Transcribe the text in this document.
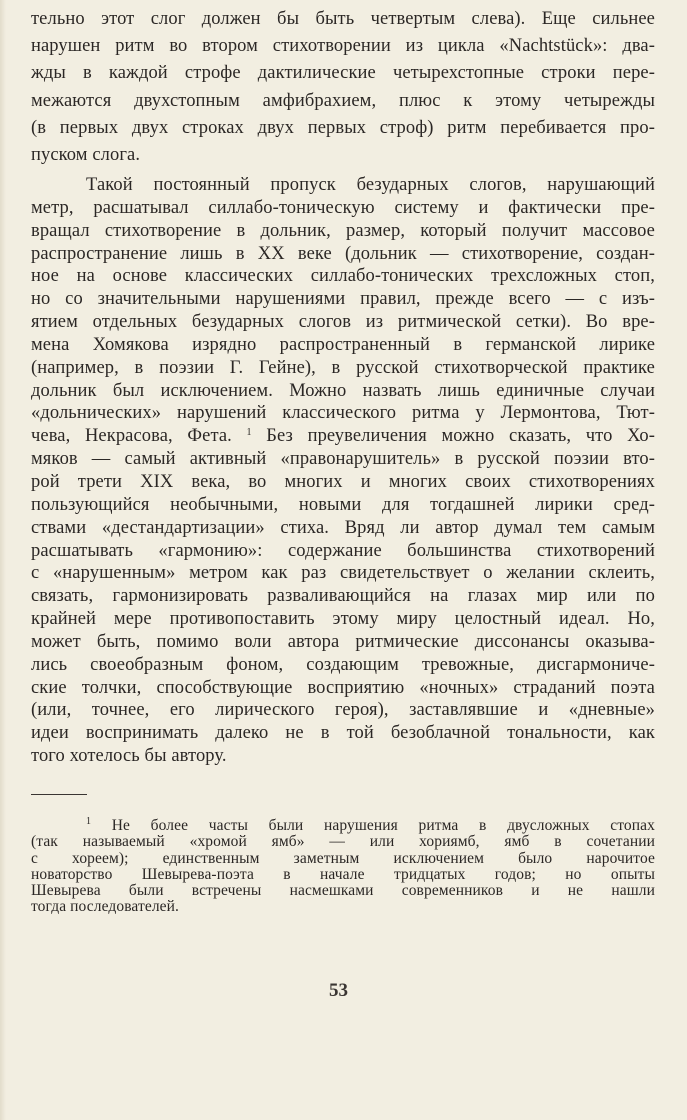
тельно этот слог должен бы быть четвертым слева). Еще сильнее
нарушен ритм во втором стихотворении из цикла «Nachtstück»: два-
жды в каждой строфе дактилические четырехстопные строки пере-
межаются двухстопным амфибрахием, плюс к этому четырежды
(в первых двух строках двух первых строф) ритм перебивается про-
пуском слога.
Такой постоянный пропуск безударных слогов, нарушающий
метр, расшатывал силлабо-тоническую систему и фактически пре-
вращал стихотворение в дольник, размер, который получит массовое
распространение лишь в XX веке (дольник — стихотворение, создан-
ное на основе классических силлабо-тонических трехсложных стоп,
но со значительными нарушениями правил, прежде всего — с изъ-
ятием отдельных безударных слогов из ритмической сетки). Во вре-
мена Хомякова изрядно распространенный в германской лирике
(например, в поэзии Г. Гейне), в русской стихотворческой практике
дольник был исключением. Можно назвать лишь единичные случаи
«дольнических» нарушений классического ритма у Лермонтова, Тют-
чева, Некрасова, Фета. $^1$ Без преувеличения можно сказать, что Хо-
мяков — самый активный «правонарушитель» в русской поэзии вто-
рой трети XIX века, во многих и многих своих стихотворениях
пользующийся необычными, новыми для тогдашней лирики сред-
ствами «дестандартизации» стиха. Вряд ли автор думал тем самым
расшатывать «гармонию»: содержание большинства стихотворений
с «нарушенным» метром как раз свидетельствует о желании склеить,
связать, гармонизировать разваливающийся на глазах мир или по
крайней мере противопоставить этому миру целостный идеал. Но,
может быть, помимо воли автора ритмические диссонансы оказыва-
лись своеобразным фоном, создающим тревожные, дисгармониче-
ские толчки, способствующие восприятию «ночных» страданий поэта
(или, точнее, его лирического героя), заставлявшие и «дневные»
идеи воспринимать далеко не в той безоблачной тональности, как
того хотелось бы автору.
$^1$ Не более часты были нарушения ритма в двусложных стопах
(так называемый «хромой ямб» — или хориямб, ямб в сочетании
с хореем); единственным заметным исключением было нарочитое
новаторство Шевырева-поэта в начале тридцатых годов; но опыты
Шевырева были встречены насмешками современников и не нашли
тогда последователей.
53
